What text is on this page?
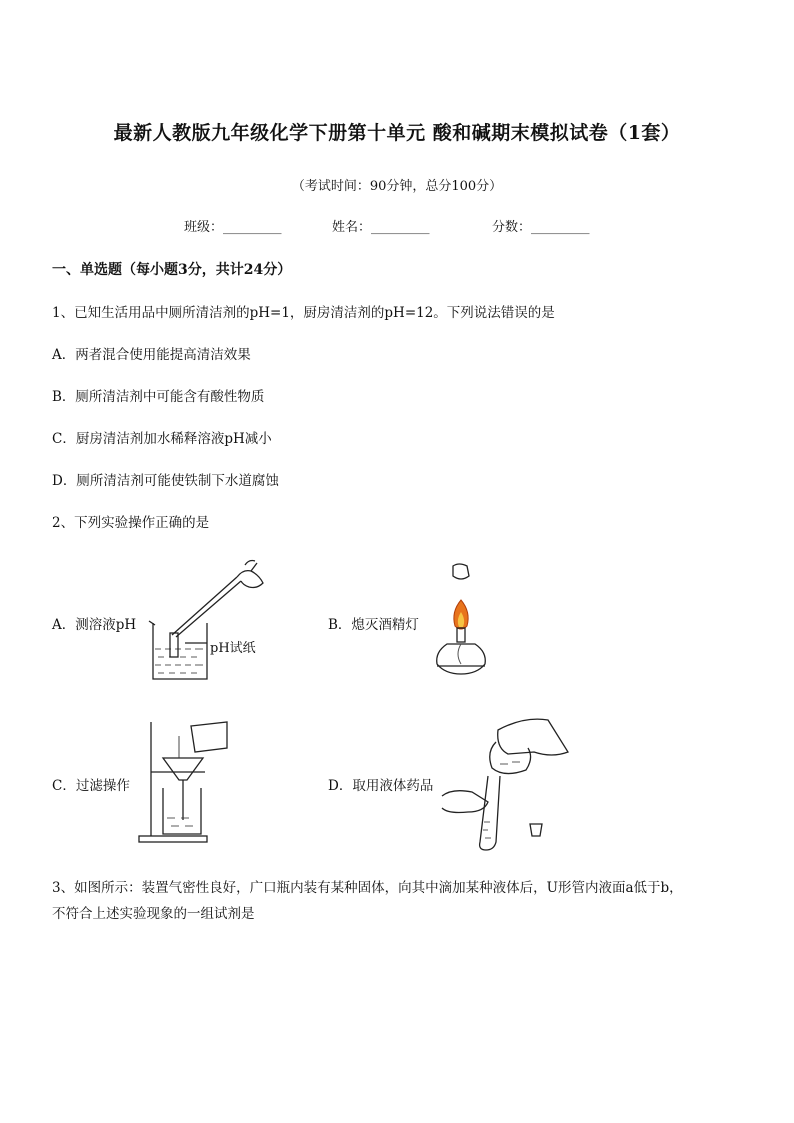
最新人教版九年级化学下册第十单元 酸和碱期末模拟试卷（1套）
（考试时间：90分钟，总分100分）
班级：_________	姓名：_________	分数：_________
一、单选题（每小题3分，共计24分）
1、已知生活用品中厕所清洁剂的pH=1，厨房清洁剂的pH=12。下列说法错误的是
A．两者混合使用能提高清洁效果
B．厕所清洁剂中可能含有酸性物质
C．厨房清洁剂加水稀释溶液pH减小
D．厕所清洁剂可能使铁制下水道腐蚀
2、下列实验操作正确的是
A．测溶液pH	B．熄灭酒精灯
C．过滤操作	D．取用液体药品
pH试纸
3、如图所示：装置气密性良好，广口瓶内装有某种固体，向其中滴加某种液体后，U形管内液面a低于b，
不符合上述实验现象的一组试剂是
